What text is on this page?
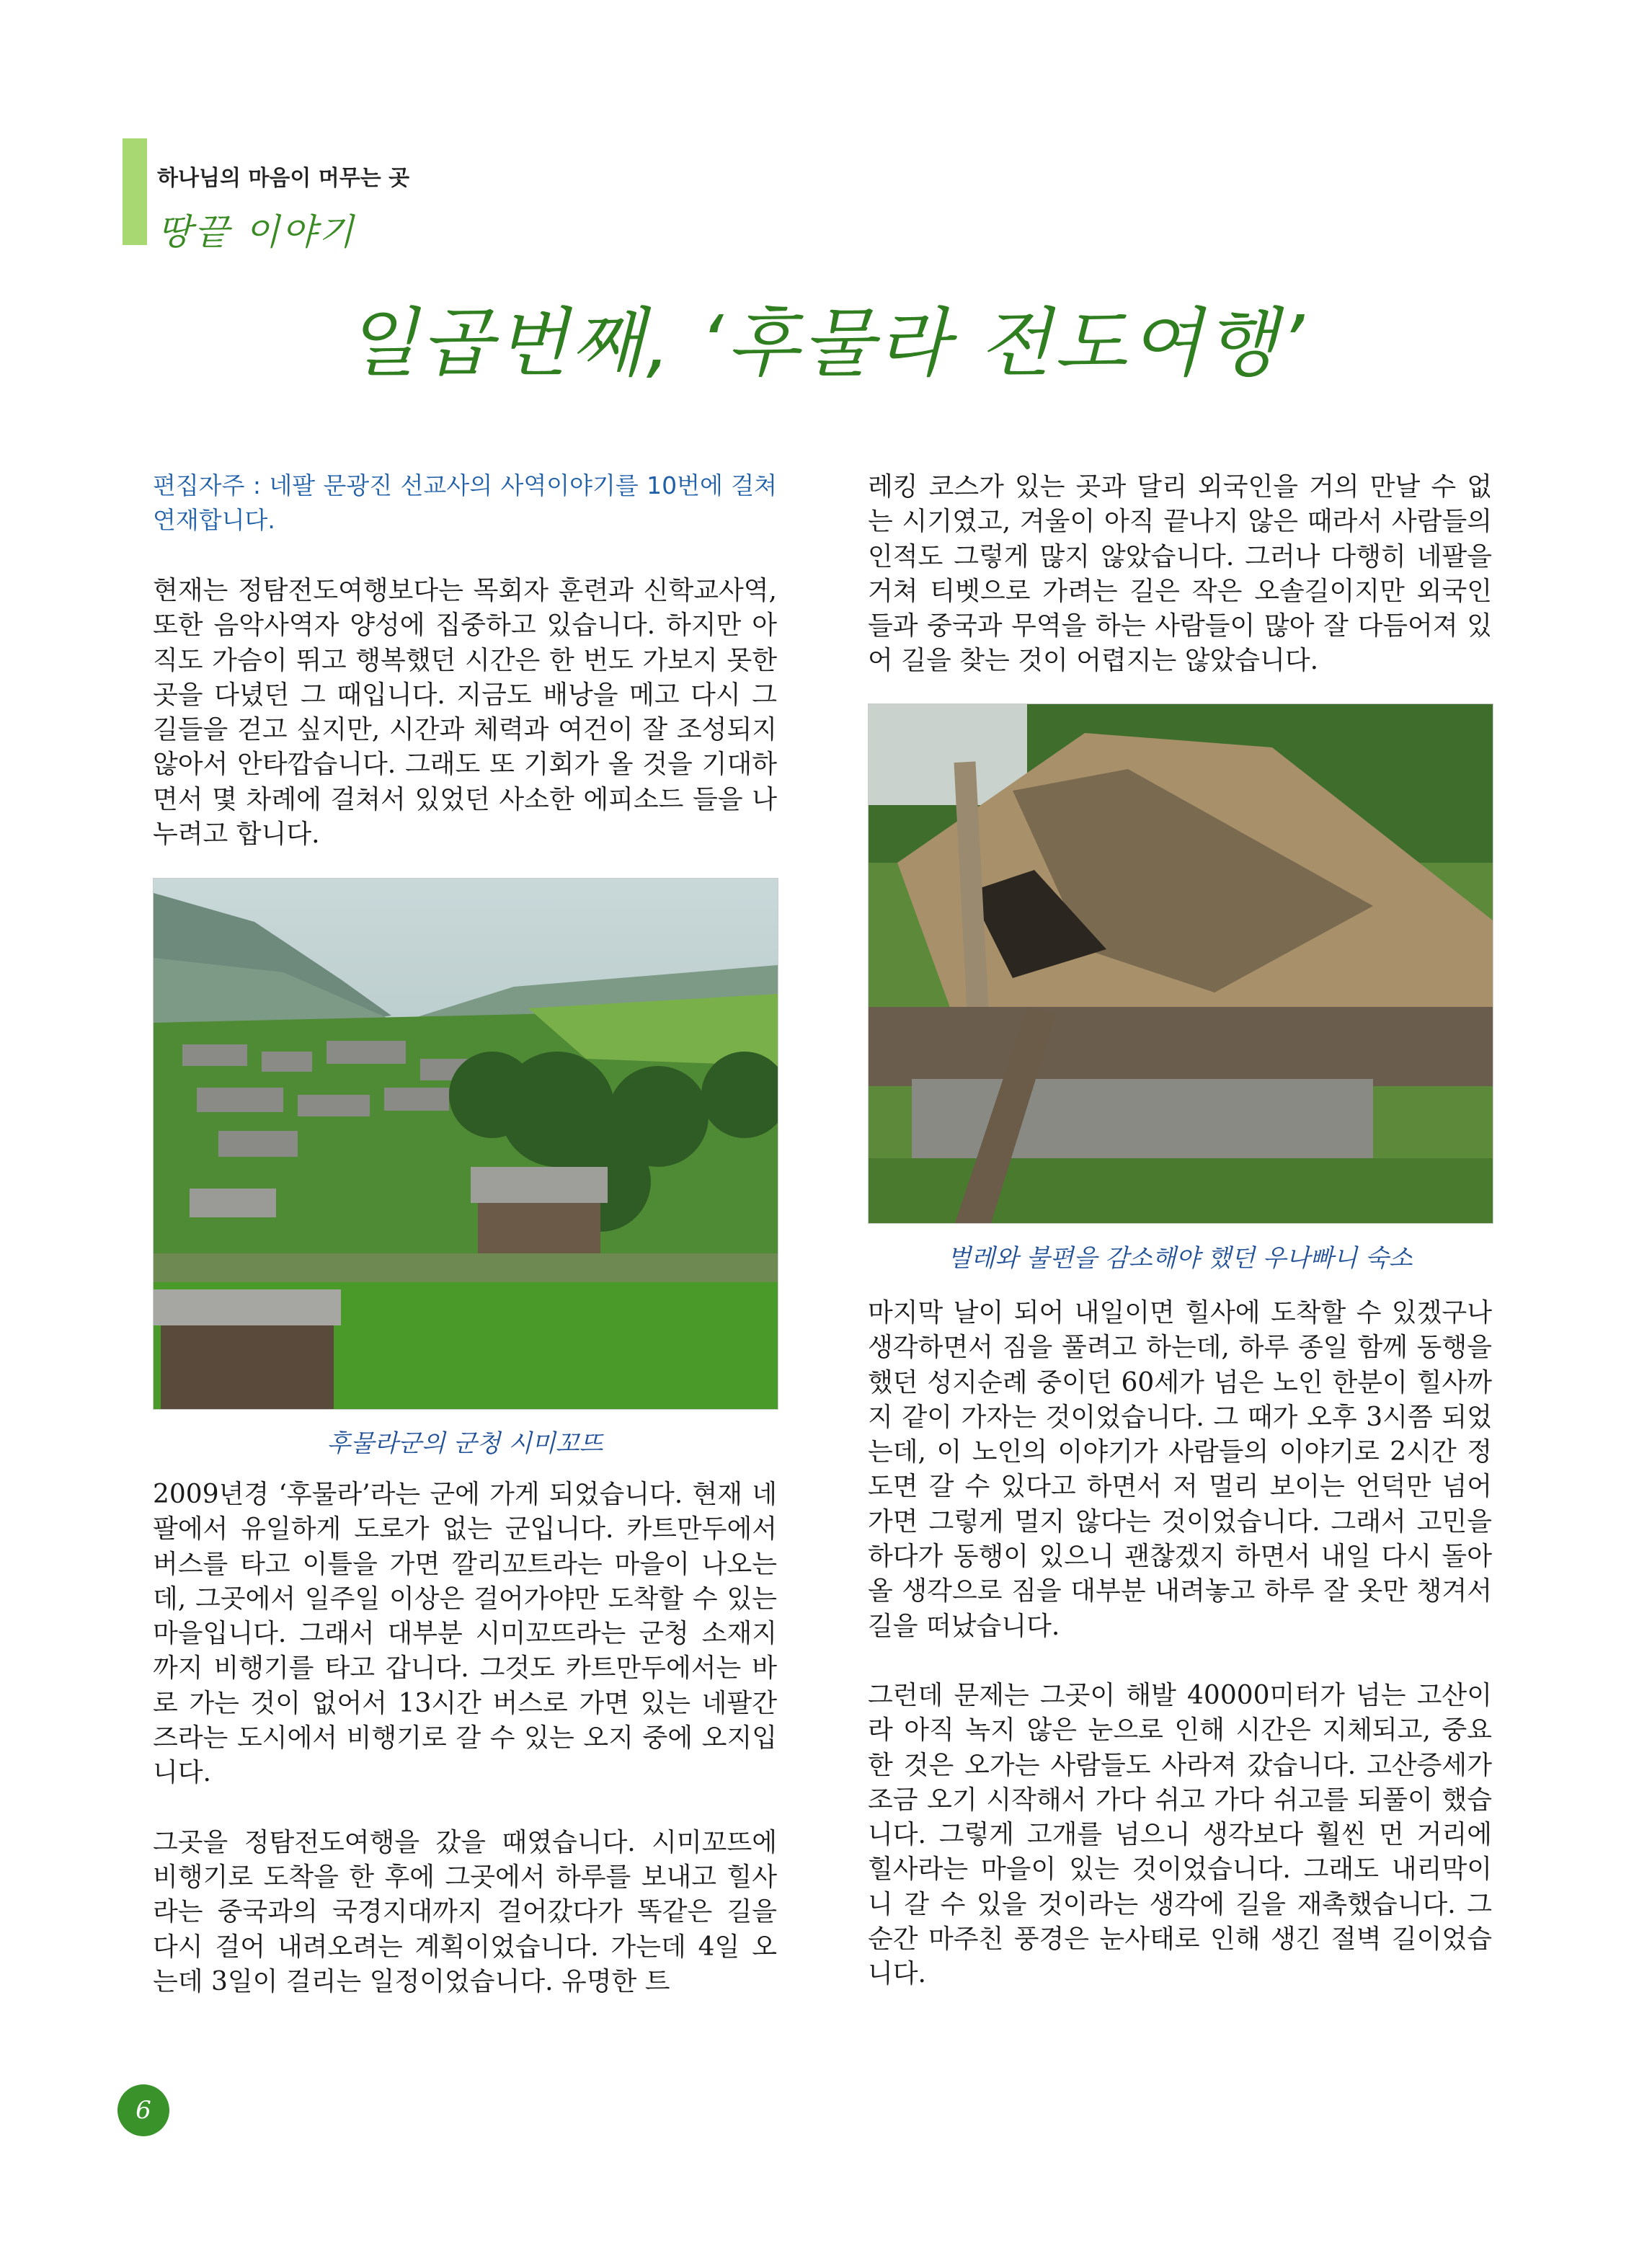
하나님의 마음이 머무는 곳
땅끝 이야기
일곱번째, ‘후물라 전도여행’
편집자주 : 네팔 문광진 선교사의 사역이야기를 10번에 걸쳐 연재합니다.

현재는 정탐전도여행보다는 목회자 훈련과 신학교사역, 또한 음악사역자 양성에 집중하고 있습니다. 하지만 아직도 가슴이 뛰고 행복했던 시간은 한 번도 가보지 못한 곳을 다녔던 그 때입니다. 지금도 배낭을 메고 다시 그 길들을 걷고 싶지만, 시간과 체력과 여건이 잘 조성되지 않아서 안타깝습니다. 그래도 또 기회가 올 것을 기대하면서 몇 차례에 걸쳐서 있었던 사소한 에피소드 들을 나누려고 합니다.

후물라군의 군청 시미꼬뜨

2009년경 ‘후물라’라는 군에 가게 되었습니다. 현재 네팔에서 유일하게 도로가 없는 군입니다. 카트만두에서 버스를 타고 이틀을 가면 깔리꼬트라는 마을이 나오는데, 그곳에서 일주일 이상은 걸어가야만 도착할 수 있는 마을입니다. 그래서 대부분 시미꼬뜨라는 군청 소재지까지 비행기를 타고 갑니다. 그것도 카트만두에서는 바로 가는 것이 없어서 13시간 버스로 가면 있는 네팔간즈라는 도시에서 비행기로 갈 수 있는 오지 중에 오지입니다.

그곳을 정탐전도여행을 갔을 때였습니다. 시미꼬뜨에 비행기로 도착을 한 후에 그곳에서 하루를 보내고 힐사라는 중국과의 국경지대까지 걸어갔다가 똑같은 길을 다시 걸어 내려오려는 계획이었습니다. 가는데 4일 오는데 3일이 걸리는 일정이었습니다. 유명한 트

레킹 코스가 있는 곳과 달리 외국인을 거의 만날 수 없는 시기였고, 겨울이 아직 끝나지 않은 때라서 사람들의 인적도 그렇게 많지 않았습니다. 그러나 다행히 네팔을 거쳐 티벳으로 가려는 길은 작은 오솔길이지만 외국인들과 중국과 무역을 하는 사람들이 많아 잘 다듬어져 있어 길을 찾는 것이 어렵지는 않았습니다.

벌레와 불편을 감소해야 했던 우나빠니 숙소

마지막 날이 되어 내일이면 힐사에 도착할 수 있겠구나 생각하면서 짐을 풀려고 하는데, 하루 종일 함께 동행을 했던 성지순례 중이던 60세가 넘은 노인 한분이 힐사까지 같이 가자는 것이었습니다. 그 때가 오후 3시쯤 되었는데, 이 노인의 이야기가 사람들의 이야기로 2시간 정도면 갈 수 있다고 하면서 저 멀리 보이는 언덕만 넘어가면 그렇게 멀지 않다는 것이었습니다. 그래서 고민을 하다가 동행이 있으니 괜찮겠지 하면서 내일 다시 돌아올 생각으로 짐을 대부분 내려놓고 하루 잘 옷만 챙겨서 길을 떠났습니다.

그런데 문제는 그곳이 해발 40000미터가 넘는 고산이라 아직 녹지 않은 눈으로 인해 시간은 지체되고, 중요한 것은 오가는 사람들도 사라져 갔습니다. 고산증세가 조금 오기 시작해서 가다 쉬고 가다 쉬고를 되풀이 했습니다. 그렇게 고개를 넘으니 생각보다 훨씬 먼 거리에 힐사라는 마을이 있는 것이었습니다. 그래도 내리막이니 갈 수 있을 것이라는 생각에 길을 재촉했습니다. 그 순간 마주친 풍경은 눈사태로 인해 생긴 절벽 길이었습니다.

6
